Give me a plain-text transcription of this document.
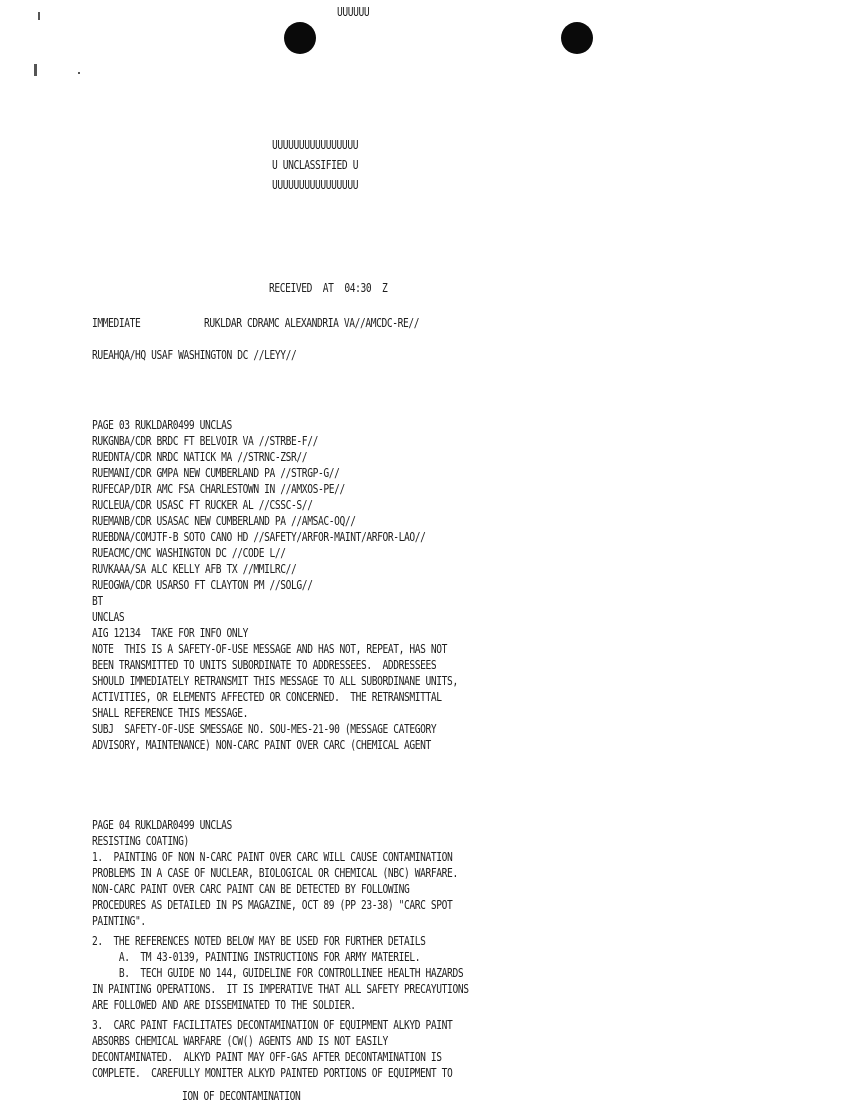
UUUUUU
UUUUUUUUUUUUUUUU
U UNCLASSIFIED U
UUUUUUUUUUUUUUUU
RECEIVED  AT  04:30  Z
IMMEDIATE	RUKLDAR CDRAMC ALEXANDRIA VA//AMCDC-RE//
RUEAHQA/HQ USAF WASHINGTON DC //LEYY//
PAGE 03 RUKLDAR0499 UNCLAS
RUKGNBA/CDR BRDC FT BELVOIR VA //STRBE-F//
RUEDNTA/CDR NRDC NATICK MA //STRNC-ZSR//
RUEMANI/CDR GMPA NEW CUMBERLAND PA //STRGP-G//
RUFECAP/DIR AMC FSA CHARLESTOWN IN //AMXOS-PE//
RUCLEUA/CDR USASC FT RUCKER AL //CSSC-S//
RUEMANB/CDR USASAC NEW CUMBERLAND PA //AMSAC-OQ//
RUEBDNA/COMJTF-B SOTO CANO HD //SAFETY/ARFOR-MAINT/ARFOR-LAO//
RUEACMC/CMC WASHINGTON DC //CODE L//
RUVKAAA/SA ALC KELLY AFB TX //MMILRC//
RUEOGWA/CDR USARSO FT CLAYTON PM //SOLG//
BT
UNCLAS
AIG 12134  TAKE FOR INFO ONLY
NOTE  THIS IS A SAFETY-OF-USE MESSAGE AND HAS NOT, REPEAT, HAS NOT
BEEN TRANSMITTED TO UNITS SUBORDINATE TO ADDRESSEES.  ADDRESSEES
SHOULD IMMEDIATELY RETRANSMIT THIS MESSAGE TO ALL SUBORDINANE UNITS,
ACTIVITIES, OR ELEMENTS AFFECTED OR CONCERNED.  THE RETRANSMITTAL
SHALL REFERENCE THIS MESSAGE.
SUBJ  SAFETY-OF-USE SMESSAGE NO. SOU-MES-21-90 (MESSAGE CATEGORY
ADVISORY, MAINTENANCE) NON-CARC PAINT OVER CARC (CHEMICAL AGENT
PAGE 04 RUKLDAR0499 UNCLAS
RESISTING COATING)
1.  PAINTING OF NON N-CARC PAINT OVER CARC WILL CAUSE CONTAMINATION
PROBLEMS IN A CASE OF NUCLEAR, BIOLOGICAL OR CHEMICAL (NBC) WARFARE.
NON-CARC PAINT OVER CARC PAINT CAN BE DETECTED BY FOLLOWING
PROCEDURES AS DETAILED IN PS MAGAZINE, OCT 89 (PP 23-38) "CARC SPOT
PAINTING".
2.  THE REFERENCES NOTED BELOW MAY BE USED FOR FURTHER DETAILS
A.  TM 43-0139, PAINTING INSTRUCTIONS FOR ARMY MATERIEL.
B.  TECH GUIDE NO 144, GUIDELINE FOR CONTROLLINEE HEALTH HAZARDS
IN PAINTING OPERATIONS.  IT IS IMPERATIVE THAT ALL SAFETY PRECAYUTIONS
ARE FOLLOWED AND ARE DISSEMINATED TO THE SOLDIER.
3.  CARC PAINT FACILITATES DECONTAMINATION OF EQUIPMENT ALKYD PAINT
ABSORBS CHEMICAL WARFARE (CW() AGENTS AND IS NOT EASILY
DECONTAMINATED.  ALKYD PAINT MAY OFF-GAS AFTER DECONTAMINATION IS
COMPLETE.  CAREFULLY MONITER ALKYD PAINTED PORTIONS OF EQUIPMENT TO
ION OF DECONTAMINATION
